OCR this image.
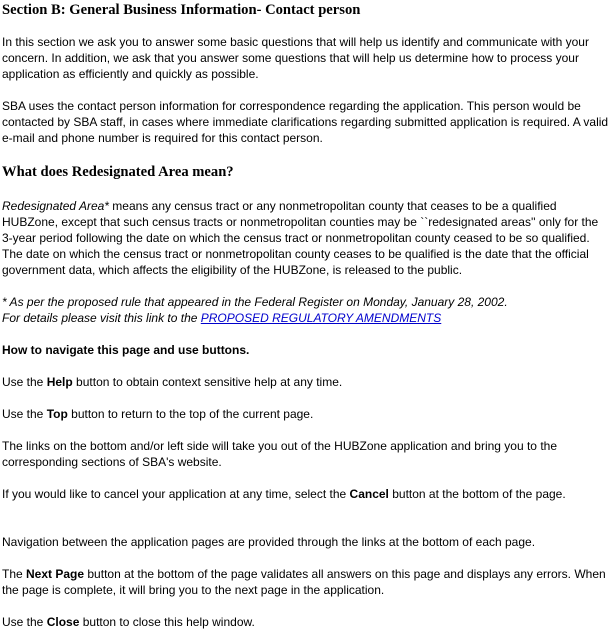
Section B: General Business Information- Contact person

In this section we ask you to answer some basic questions that will help us identify and communicate with your concern. In addition, we ask that you answer some questions that will help us determine how to process your application as efficiently and quickly as possible.

SBA uses the contact person information for correspondence regarding the application. This person would be contacted by SBA staff, in cases where immediate clarifications regarding submitted application is required. A valid e-mail and phone number is required for this contact person.

What does Redesignated Area mean?

Redesignated Area* means any census tract or any nonmetropolitan county that ceases to be a qualified HUBZone, except that such census tracts or nonmetropolitan counties may be ``redesignated areas'' only for the 3-year period following the date on which the census tract or nonmetropolitan county ceased to be so qualified. The date on which the census tract or nonmetropolitan county ceases to be qualified is the date that the official government data, which affects the eligibility of the HUBZone, is released to the public.

* As per the proposed rule that appeared in the Federal Register on Monday, January 28, 2002.

For details please visit this link to the PROPOSED REGULATORY AMENDMENTS

How to navigate this page and use buttons.

Use the Help button to obtain context sensitive help at any time.

Use the Top button to return to the top of the current page.

The links on the bottom and/or left side will take you out of the HUBZone application and bring you to the corresponding sections of SBA's website.

If you would like to cancel your application at any time, select the Cancel button at the bottom of the page.

Navigation between the application pages are provided through the links at the bottom of each page.

The Next Page button at the bottom of the page validates all answers on this page and displays any errors. When the page is complete, it will bring you to the next page in the application.

Use the Close button to close this help window.
